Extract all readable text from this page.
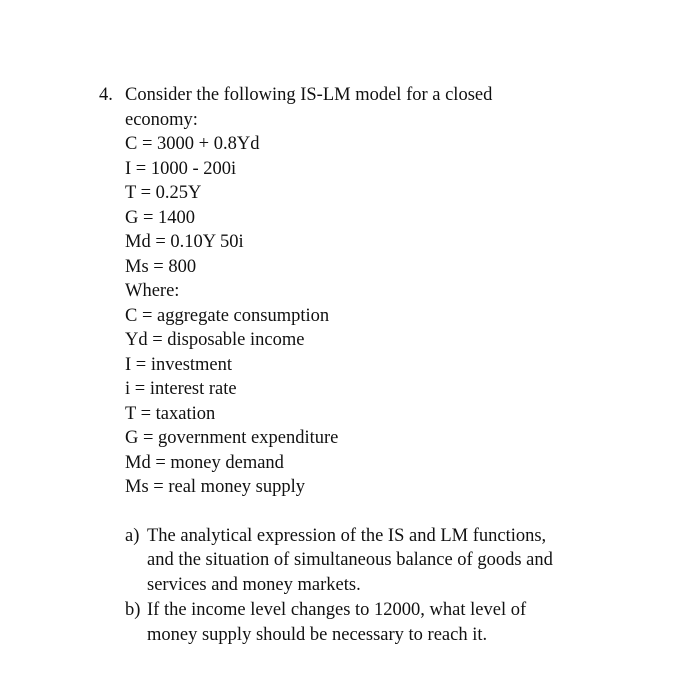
4. Consider the following IS-LM model for a closed
economy:
C = 3000 + 0.8Yd
I = 1000 - 200i
T = 0.25Y
G = 1400
Md = 0.10Y 50i
Ms = 800
Where:
C = aggregate consumption
Yd = disposable income
I = investment
i = interest rate
T = taxation
G = government expenditure
Md = money demand
Ms = real money supply
a) The analytical expression of the IS and LM functions,
and the situation of simultaneous balance of goods and
services and money markets.
b) If the income level changes to 12000, what level of
money supply should be necessary to reach it.
